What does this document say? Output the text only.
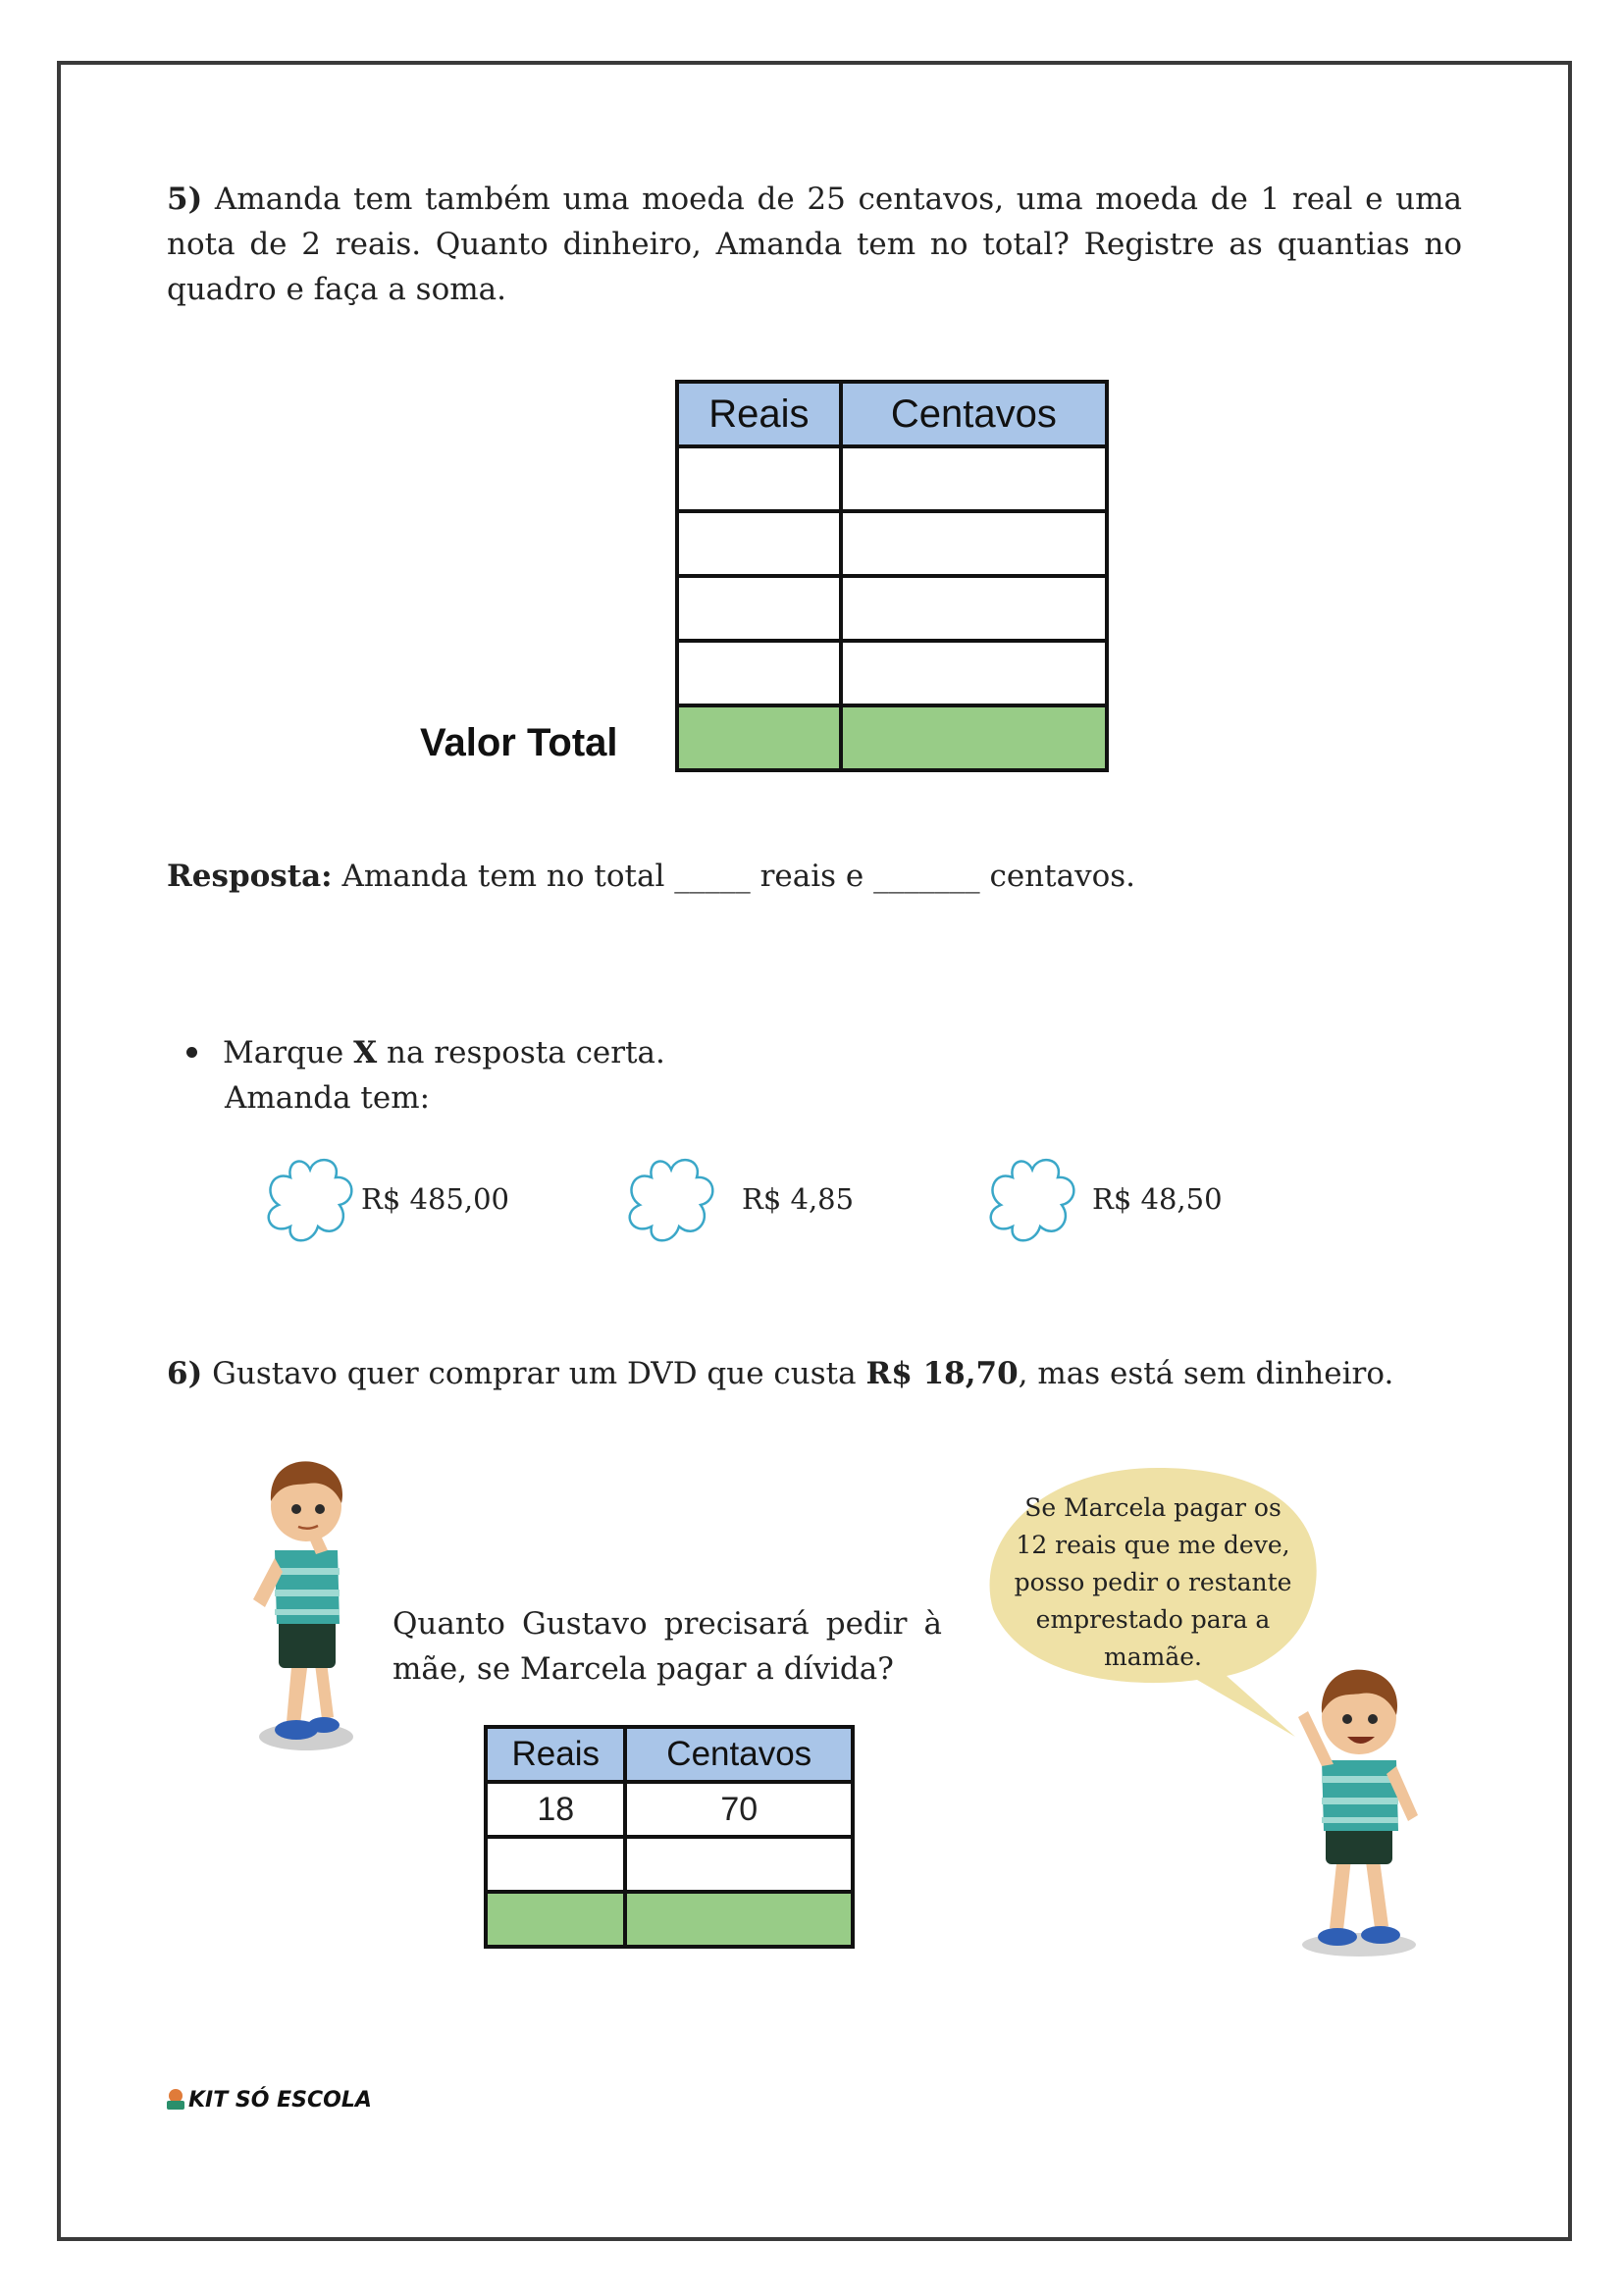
5) Amanda tem também uma moeda de 25 centavos, uma moeda de 1 real e uma nota de 2 reais. Quanto dinheiro, Amanda tem no total? Registre as quantias no quadro e faça a soma.
Reais	Centavos

Valor Total
Resposta: Amanda tem no total _____ reais e _______ centavos.
Marque X na resposta certa.
Amanda tem:
R$ 485,00	R$ 4,85	R$ 48,50
6) Gustavo quer comprar um DVD que custa R$ 18,70, mas está sem dinheiro.
Quanto Gustavo precisará pedir à mãe, se Marcela pagar a dívida?
Reais	Centavos
18	70

Se Marcela pagar os 12 reais que me deve, posso pedir o restante emprestado para a mamãe.
KIT SÓ ESCOLA
